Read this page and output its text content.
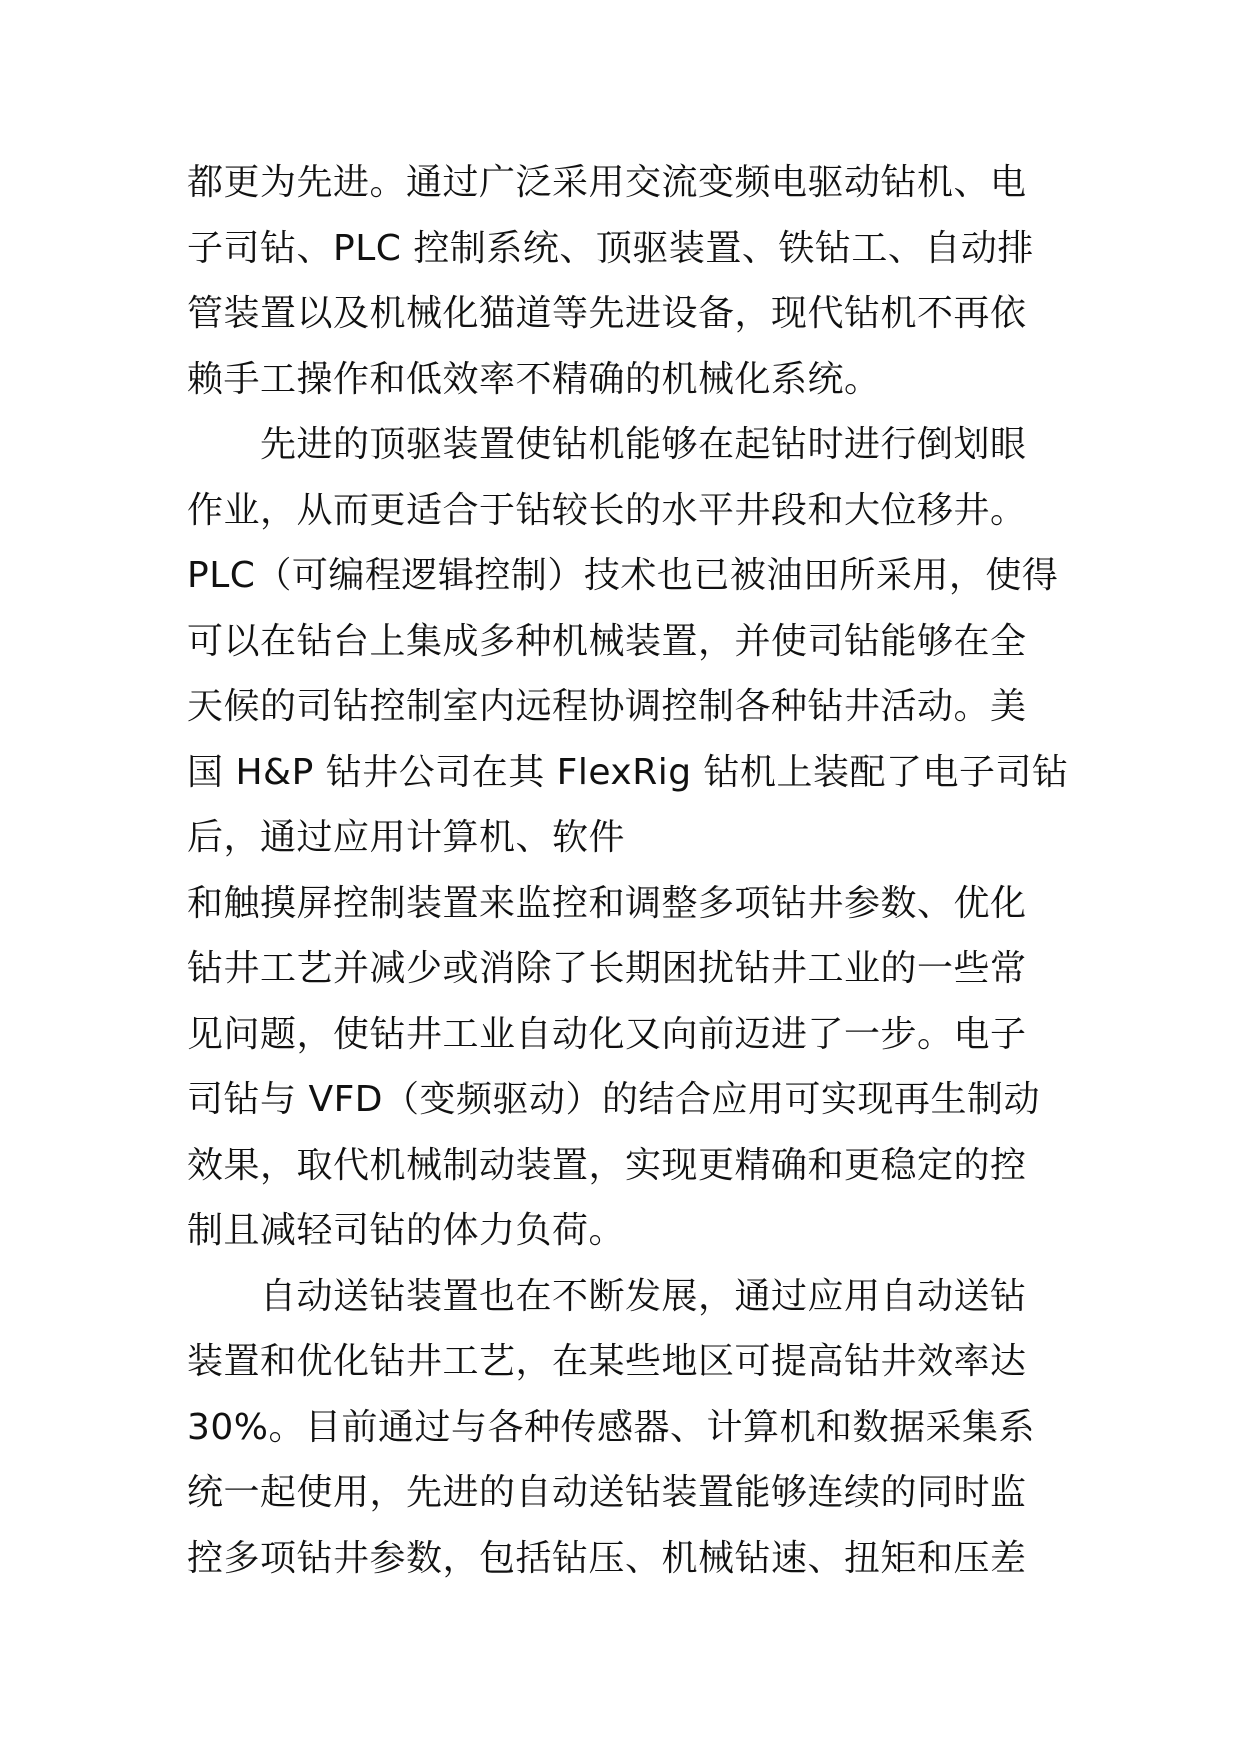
都更为先进。通过广泛采用交流变频电驱动钻机、电
子司钻、PLC 控制系统、顶驱装置、铁钻工、自动排
管装置以及机械化猫道等先进设备，现代钻机不再依
赖手工操作和低效率不精确的机械化系统。
先进的顶驱装置使钻机能够在起钻时进行倒划眼
作业，从而更适合于钻较长的水平井段和大位移井。
PLC（可编程逻辑控制）技术也已被油田所采用，使得
可以在钻台上集成多种机械装置，并使司钻能够在全
天候的司钻控制室内远程协调控制各种钻井活动。美
国 H&P 钻井公司在其 FlexRig 钻机上装配了电子司钻
后，通过应用计算机、软件
和触摸屏控制装置来监控和调整多项钻井参数、优化
钻井工艺并减少或消除了长期困扰钻井工业的一些常
见问题，使钻井工业自动化又向前迈进了一步。电子
司钻与 VFD（变频驱动）的结合应用可实现再生制动
效果，取代机械制动装置，实现更精确和更稳定的控
制且减轻司钻的体力负荷。
自动送钻装置也在不断发展，通过应用自动送钻
装置和优化钻井工艺，在某些地区可提高钻井效率达
30%。目前通过与各种传感器、计算机和数据采集系
统一起使用，先进的自动送钻装置能够连续的同时监
控多项钻井参数，包括钻压、机械钻速、扭矩和压差
